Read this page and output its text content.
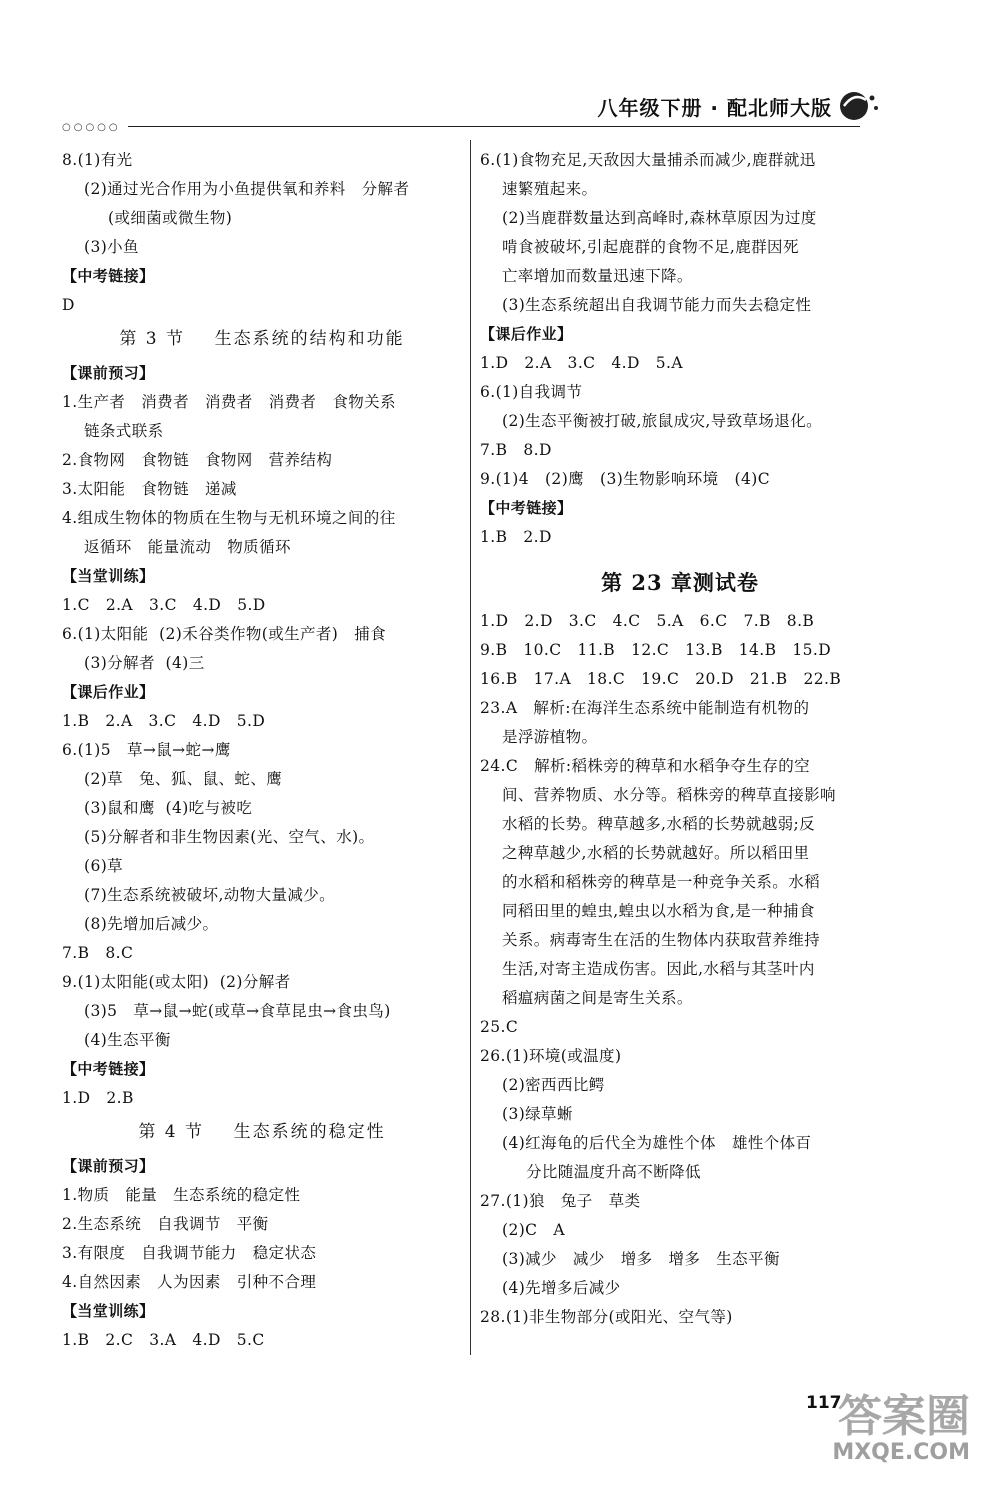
八年级下册 · 配北师大版
○○○○○
8.(1)有光
(2)通过光合作用为小鱼提供氧和养料   分解者
(或细菌或微生物)
(3)小鱼
【中考链接】
D
第 3 节    生态系统的结构和功能
【课前预习】
1.生产者   消费者   消费者   消费者   食物关系
链条式联系
2.食物网   食物链   食物网   营养结构
3.太阳能   食物链   递减
4.组成生物体的物质在生物与无机环境之间的往
返循环   能量流动   物质循环
【当堂训练】
1.C   2.A   3.C   4.D   5.D
6.(1)太阳能  (2)禾谷类作物(或生产者)   捕食
(3)分解者  (4)三
【课后作业】
1.B   2.A   3.C   4.D   5.D
6.(1)5   草→鼠→蛇→鹰
(2)草   兔、狐、鼠、蛇、鹰
(3)鼠和鹰  (4)吃与被吃
(5)分解者和非生物因素(光、空气、水)。
(6)草
(7)生态系统被破坏,动物大量减少。
(8)先增加后减少。
7.B   8.C
9.(1)太阳能(或太阳)  (2)分解者
(3)5   草→鼠→蛇(或草→食草昆虫→食虫鸟)
(4)生态平衡
【中考链接】
1.D   2.B
第 4 节    生态系统的稳定性
【课前预习】
1.物质   能量   生态系统的稳定性
2.生态系统   自我调节   平衡
3.有限度   自我调节能力   稳定状态
4.自然因素   人为因素   引种不合理
【当堂训练】
1.B   2.C   3.A   4.D   5.C
6.(1)食物充足,天敌因大量捕杀而减少,鹿群就迅
速繁殖起来。
(2)当鹿群数量达到高峰时,森林草原因为过度
啃食被破坏,引起鹿群的食物不足,鹿群因死
亡率增加而数量迅速下降。
(3)生态系统超出自我调节能力而失去稳定性
【课后作业】
1.D   2.A   3.C   4.D   5.A
6.(1)自我调节
(2)生态平衡被打破,旅鼠成灾,导致草场退化。
7.B   8.D
9.(1)4   (2)鹰   (3)生物影响环境   (4)C
【中考链接】
1.B   2.D
第 23 章测试卷
1.D   2.D   3.C   4.C   5.A   6.C   7.B   8.B
9.B   10.C   11.B   12.C   13.B   14.B   15.D
16.B   17.A   18.C   19.C   20.D   21.B   22.B
23.A   解析:在海洋生态系统中能制造有机物的
是浮游植物。
24.C   解析:稻株旁的稗草和水稻争夺生存的空
间、营养物质、水分等。稻株旁的稗草直接影响
水稻的长势。稗草越多,水稻的长势就越弱;反
之稗草越少,水稻的长势就越好。所以稻田里
的水稻和稻株旁的稗草是一种竞争关系。水稻
同稻田里的蝗虫,蝗虫以水稻为食,是一种捕食
关系。病毒寄生在活的生物体内获取营养维持
生活,对寄主造成伤害。因此,水稻与其茎叶内
稻瘟病菌之间是寄生关系。
25.C
26.(1)环境(或温度)
(2)密西西比鳄
(3)绿草蜥
(4)红海龟的后代全为雄性个体   雄性个体百
分比随温度升高不断降低
27.(1)狼   兔子   草类
(2)C   A
(3)减少   减少   增多   增多   生态平衡
(4)先增多后减少
28.(1)非生物部分(或阳光、空气等)
117
答案圈
MXQE.COM
